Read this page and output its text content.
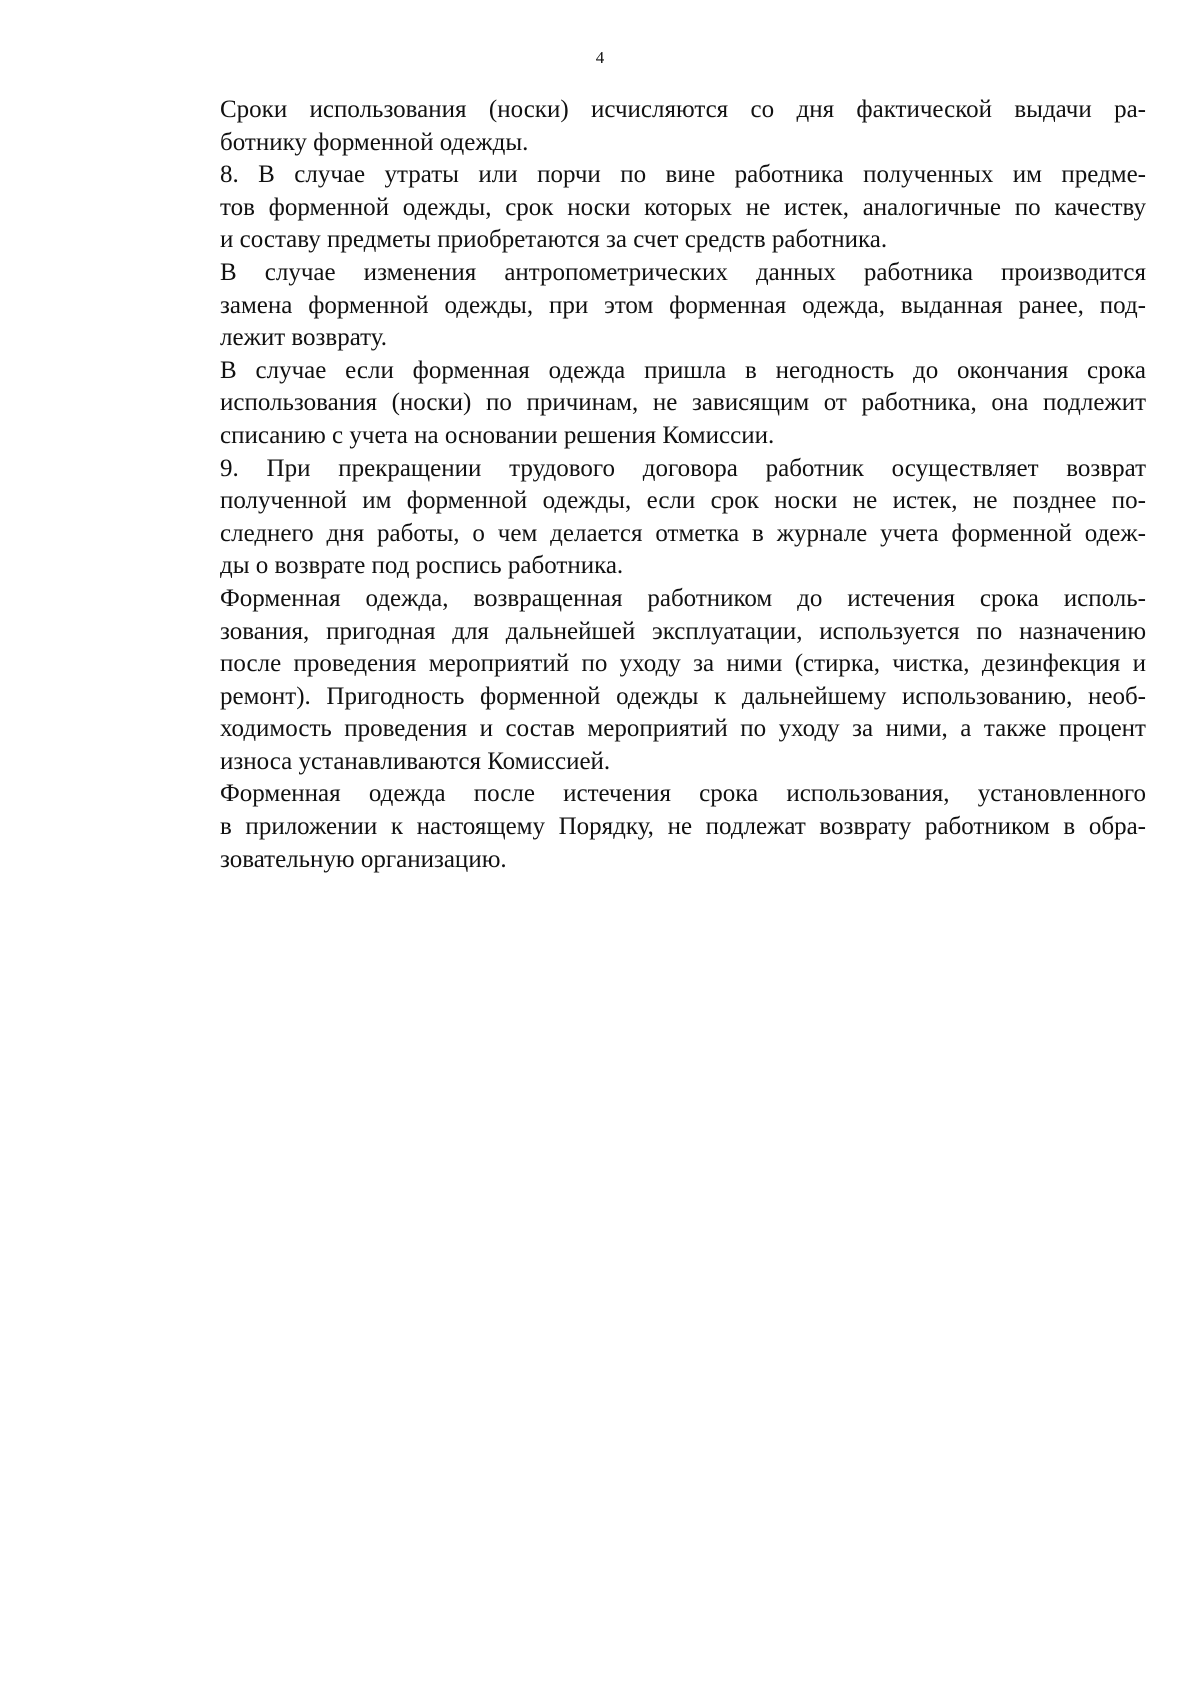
4

Сроки использования (носки) исчисляются со дня фактической выдачи ра-
ботнику форменной одежды.

8. В случае утраты или порчи по вине работника полученных им предме-
тов форменной одежды, срок носки которых не истек, аналогичные по качеству
и составу предметы приобретаются за счет средств работника.

В случае изменения антропометрических данных работника производится
замена форменной одежды, при этом форменная одежда, выданная ранее, под-
лежит возврату.

В случае если форменная одежда пришла в негодность до окончания срока
использования (носки) по причинам, не зависящим от работника, она подлежит
списанию с учета на основании решения Комиссии.

9. При прекращении трудового договора работник осуществляет возврат
полученной им форменной одежды, если срок носки не истек, не позднее по-
следнего дня работы, о чем делается отметка в журнале учета форменной одеж-
ды о возврате под роспись работника.

Форменная одежда, возвращенная работником до истечения срока исполь-
зования, пригодная для дальнейшей эксплуатации, используется по назначению
после проведения мероприятий по уходу за ними (стирка, чистка, дезинфекция и
ремонт). Пригодность форменной одежды к дальнейшему использованию, необ-
ходимость проведения и состав мероприятий по уходу за ними, а также процент
износа устанавливаются Комиссией.

Форменная одежда после истечения срока использования, установленного
в приложении к настоящему Порядку, не подлежат возврату работником в обра-
зовательную организацию.
